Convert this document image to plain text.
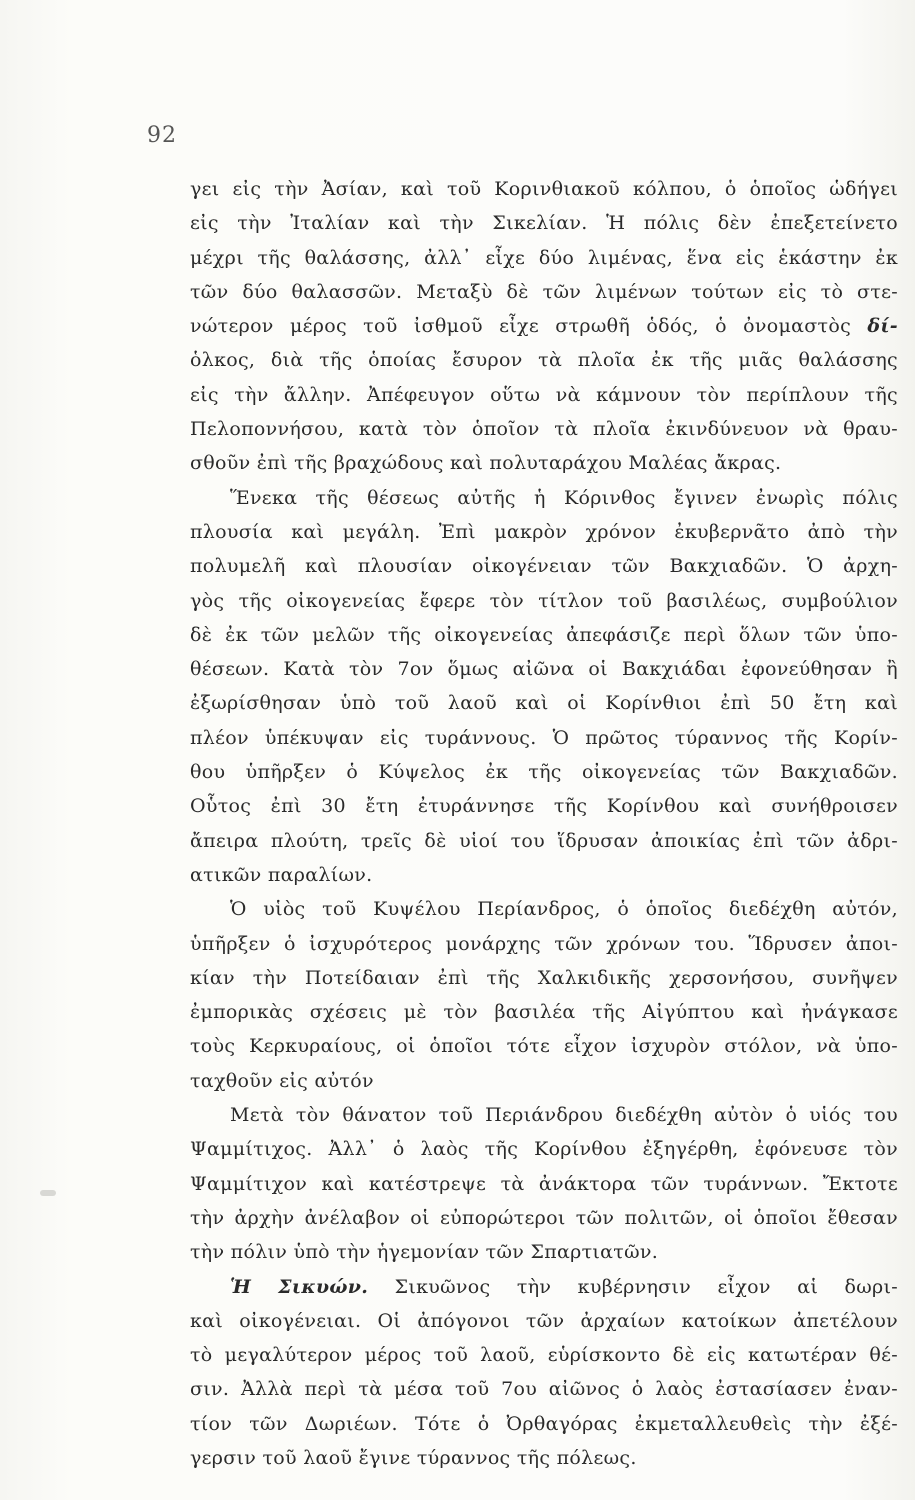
92
γει εἰς τὴν Ἀσίαν, καὶ τοῦ Κορινθιακοῦ κόλπου, ὁ ὁποῖος ὡδήγει
εἰς τὴν Ἰταλίαν καὶ τὴν Σικελίαν. Ἡ πόλις δὲν ἐπεξετείνετο
μέχρι τῆς θαλάσσης, ἀλλ᾽ εἶχε δύο λιμένας, ἕνα εἰς ἑκάστην ἐκ
τῶν δύο θαλασσῶν. Μεταξὺ δὲ τῶν λιμένων τούτων εἰς τὸ στε-
νώτερον μέρος τοῦ ἰσθμοῦ εἶχε στρωθῆ ὁδός, ὁ ὀνομαστὸς δί-
ὁλκος, διὰ τῆς ὁποίας ἔσυρον τὰ πλοῖα ἐκ τῆς μιᾶς θαλάσσης
εἰς τὴν ἄλλην. Ἀπέφευγον οὕτω νὰ κάμνουν τὸν περίπλουν τῆς
Πελοποννήσου, κατὰ τὸν ὁποῖον τὰ πλοῖα ἐκινδύνευον νὰ θραυ-
σθοῦν ἐπὶ τῆς βραχώδους καὶ πολυταράχου Μαλέας ἄκρας.
Ἕνεκα τῆς θέσεως αὐτῆς ἡ Κόρινθος ἔγινεν ἐνωρὶς πόλις
πλουσία καὶ μεγάλη. Ἐπὶ μακρὸν χρόνον ἐκυβερνᾶτο ἀπὸ τὴν
πολυμελῆ καὶ πλουσίαν οἰκογένειαν τῶν Βακχιαδῶν. Ὁ ἀρχη-
γὸς τῆς οἰκογενείας ἔφερε τὸν τίτλον τοῦ βασιλέως, συμβούλιον
δὲ ἐκ τῶν μελῶν τῆς οἰκογενείας ἀπεφάσιζε περὶ ὅλων τῶν ὑπο-
θέσεων. Κατὰ τὸν 7ον ὅμως αἰῶνα οἱ Βακχιάδαι ἐφονεύθησαν ἢ
ἐξωρίσθησαν ὑπὸ τοῦ λαοῦ καὶ οἱ Κορίνθιοι ἐπὶ 50 ἔτη καὶ
πλέον ὑπέκυψαν εἰς τυράννους. Ὁ πρῶτος τύραννος τῆς Κορίν-
θου ὑπῆρξεν ὁ Κύψελος ἐκ τῆς οἰκογενείας τῶν Βακχιαδῶν.
Οὗτος ἐπὶ 30 ἔτη ἐτυράννησε τῆς Κορίνθου καὶ συνήθροισεν
ἄπειρα πλούτη, τρεῖς δὲ υἱοί του ἵδρυσαν ἀποικίας ἐπὶ τῶν ἀδρι-
ατικῶν παραλίων.
Ὁ υἱὸς τοῦ Κυψέλου Περίανδρος, ὁ ὁποῖος διεδέχθη αὐτόν,
ὑπῆρξεν ὁ ἰσχυρότερος μονάρχης τῶν χρόνων του. Ἵδρυσεν ἀποι-
κίαν τὴν Ποτείδαιαν ἐπὶ τῆς Χαλκιδικῆς χερσονήσου, συνῆψεν
ἐμπορικὰς σχέσεις μὲ τὸν βασιλέα τῆς Αἰγύπτου καὶ ἠνάγκασε
τοὺς Κερκυραίους, οἱ ὁποῖοι τότε εἶχον ἰσχυρὸν στόλον, νὰ ὑπο-
ταχθοῦν εἰς αὐτόν
Μετὰ τὸν θάνατον τοῦ Περιάνδρου διεδέχθη αὐτὸν ὁ υἱός του
Ψαμμίτιχος. Ἀλλ᾽ ὁ λαὸς τῆς Κορίνθου ἐξηγέρθη, ἐφόνευσε τὸν
Ψαμμίτιχον καὶ κατέστρεψε τὰ ἀνάκτορα τῶν τυράννων. Ἔκτοτε
τὴν ἀρχὴν ἀνέλαβον οἱ εὐπορώτεροι τῶν πολιτῶν, οἱ ὁποῖοι ἔθεσαν
τὴν πόλιν ὑπὸ τὴν ἡγεμονίαν τῶν Σπαρτιατῶν.
Ἡ Σικυών. Σικυῶνος τὴν κυβέρνησιν εἶχον αἱ δωρι-
καὶ οἰκογένειαι. Οἱ ἀπόγονοι τῶν ἀρχαίων κατοίκων ἀπετέλουν
τὸ μεγαλύτερον μέρος τοῦ λαοῦ, εὑρίσκοντο δὲ εἰς κατωτέραν θέ-
σιν. Ἀλλὰ περὶ τὰ μέσα τοῦ 7ου αἰῶνος ὁ λαὸς ἐστασίασεν ἐναν-
τίον τῶν Δωριέων. Τότε ὁ Ὀρθαγόρας ἐκμεταλλευθεὶς τὴν ἐξέ-
γερσιν τοῦ λαοῦ ἔγινε τύραννος τῆς πόλεως.
